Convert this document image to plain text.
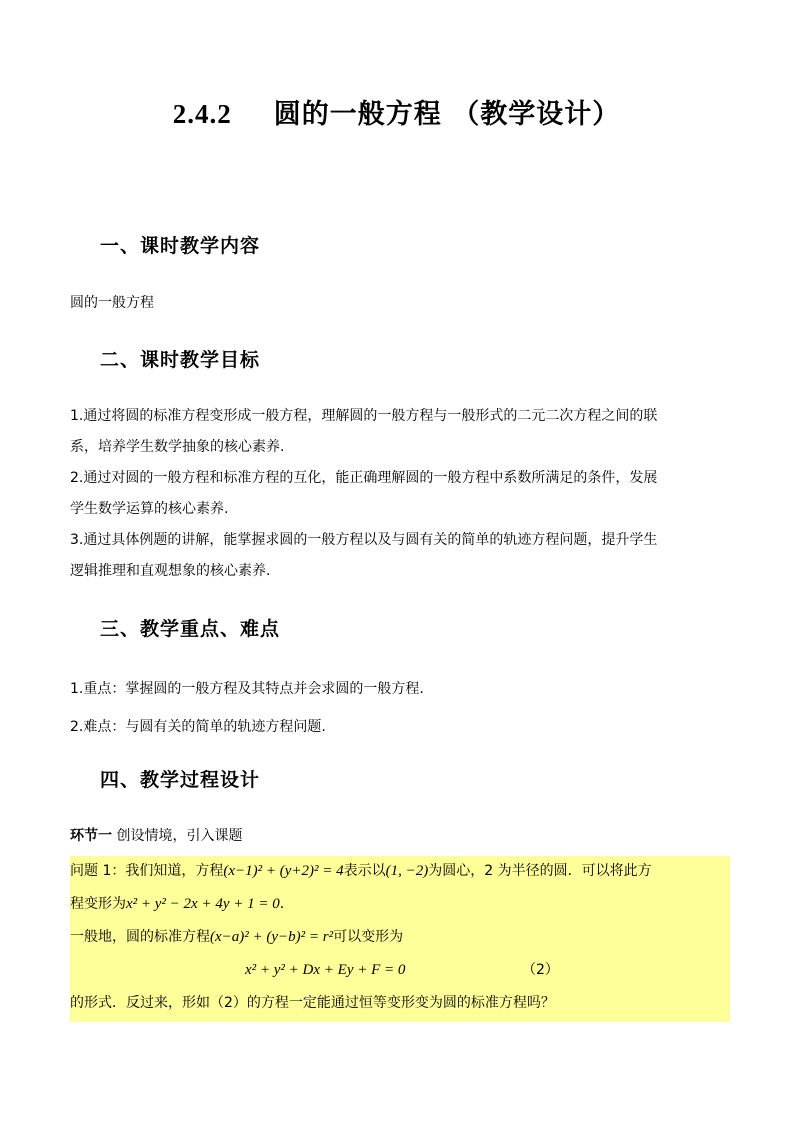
2.4.2 圆的一般方程 （教学设计）
一、课时教学内容
圆的一般方程
二、课时教学目标
1.通过将圆的标准方程变形成一般方程，理解圆的一般方程与一般形式的二元二次方程之间的联
系，培养学生数学抽象的核心素养.
2.通过对圆的一般方程和标准方程的互化，能正确理解圆的一般方程中系数所满足的条件，发展
学生数学运算的核心素养.
3.通过具体例题的讲解，能掌握求圆的一般方程以及与圆有关的简单的轨迹方程问题，提升学生
逻辑推理和直观想象的核心素养.
三、教学重点、难点
1.重点：掌握圆的一般方程及其特点并会求圆的一般方程.
2.难点：与圆有关的简单的轨迹方程问题.
四、教学过程设计
环节一 创设情境，引入课题
问题 1：我们知道，方程(x−1)² + (y+2)² = 4表示以(1, −2)为圆心，2 为半径的圆．可以将此方
程变形为x² + y² − 2x + 4y + 1 = 0．
一般地，圆的标准方程(x−a)² + (y−b)² = r²可以变形为
x² + y² + Dx + Ey + F = 0	（2）
的形式．反过来，形如（2）的方程一定能通过恒等变形变为圆的标准方程吗？
